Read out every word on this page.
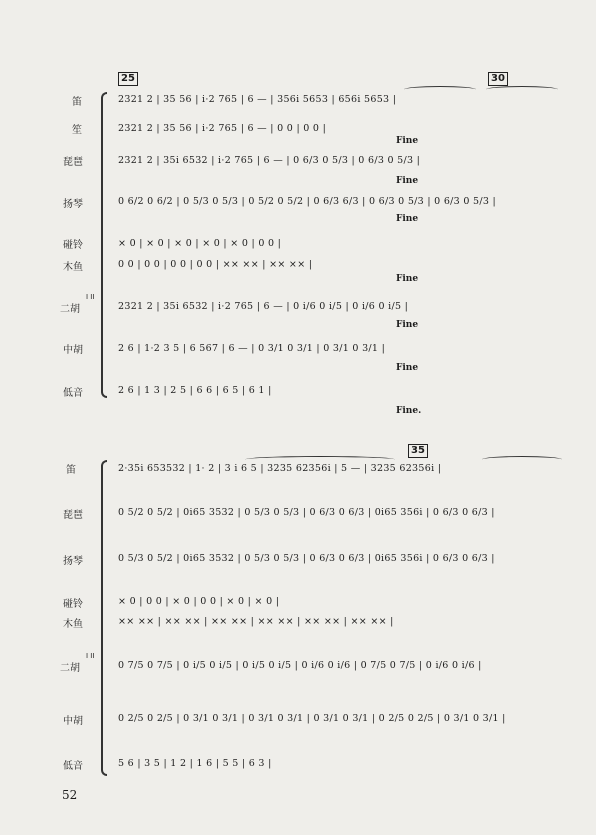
25	30
笛
笙
琵琶
扬琴
碰铃
木鱼
二胡
I II
中胡
低音
2321 2 | 35 56 | i·2 765 | 6 — | 356i 5653 | 656i 5653 |
2321 2 | 35 56 | i·2 765 | 6 — | 0 0 | 0 0 |
2321 2 | 35i 6532 | i·2 765 | 6 — | 0 6/3 0 5/3 | 0 6/3 0 5/3 |
0 6/2 0 6/2 | 0 5/3 0 5/3 | 0 5/2 0 5/2 | 0 6/3 6/3 | 0 6/3 0 5/3 | 0 6/3 0 5/3 |
× 0 | × 0 | × 0 | × 0 | × 0 | 0 0 |
0 0 | 0 0 | 0 0 | 0 0 | ×× ×× | ×× ×× |
2321 2 | 35i 6532 | i·2 765 | 6 — | 0 i/6 0 i/5 | 0 i/6 0 i/5 |
2 6 | 1·2 3 5 | 6 567 | 6 — | 0 3/1 0 3/1 | 0 3/1 0 3/1 |
2 6 | 1 3 | 2 5 | 6 6 | 6 5 | 6 1 |
Fine
Fine
Fine
Fine
Fine
Fine
Fine.
35
笛
琵琶
扬琴
碰铃
木鱼
二胡
I II
中胡
低音
2·35i 653532 | 1· 2 | 3 i 6 5 | 3235 62356i | 5 — | 3235 62356i |
0 5/2 0 5/2 | 0i65 3532 | 0 5/3 0 5/3 | 0 6/3 0 6/3 | 0i65 356i | 0 6/3 0 6/3 |
0 5/3 0 5/2 | 0i65 3532 | 0 5/3 0 5/3 | 0 6/3 0 6/3 | 0i65 356i | 0 6/3 0 6/3 |
× 0 | 0 0 | × 0 | 0 0 | × 0 | × 0 |
×× ×× | ×× ×× | ×× ×× | ×× ×× | ×× ×× | ×× ×× |
0 7/5 0 7/5 | 0 i/5 0 i/5 | 0 i/5 0 i/5 | 0 i/6 0 i/6 | 0 7/5 0 7/5 | 0 i/6 0 i/6 |
0 2/5 0 2/5 | 0 3/1 0 3/1 | 0 3/1 0 3/1 | 0 3/1 0 3/1 | 0 2/5 0 2/5 | 0 3/1 0 3/1 |
5 6 | 3 5 | 1 2 | 1 6 | 5 5 | 6 3 |
52
